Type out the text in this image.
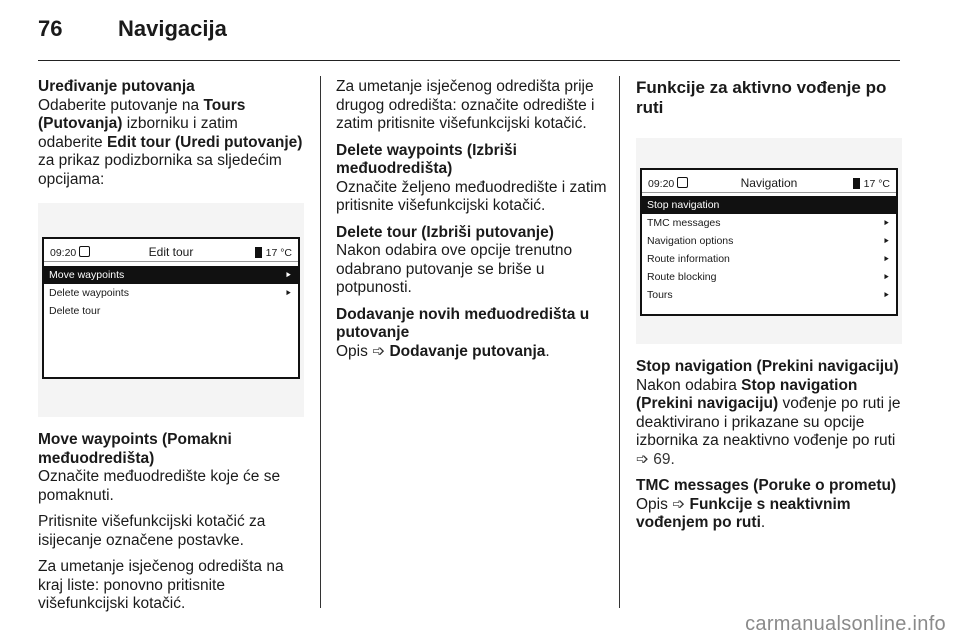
76	Navigacija
Uređivanje putovanja

Odaberite putovanje na Tours (Putovanja) izborniku i zatim odaberite Edit tour (Uredi putovanje) za prikaz podizbornika sa sljedećim opcijama:

09:20	Edit tour	17 °C
Move waypoints	⯈
Delete waypoints	⯈
Delete tour
Move waypoints (Pomakni međuodredišta)

Označite međuodredište koje će se pomaknuti.

Pritisnite višefunkcijski kotačić za isijecanje označene postavke.

Za umetanje isječenog odredišta na kraj liste: ponovno pritisnite višefunkcijski kotačić.

Za umetanje isječenog odredišta prije drugog odredišta: označite odredište i zatim pritisnite višefunkcijski kotačić.

Delete waypoints (Izbriši međuodredišta)

Označite željeno međuodredište i zatim pritisnite višefunkcijski kotačić.

Delete tour (Izbriši putovanje)

Nakon odabira ove opcije trenutno odabrano putovanje se briše u potpunosti.

Dodavanje novih međuodredišta u putovanje

Opis ➩ Dodavanje putovanja.

Funkcije za aktivno vođenje po ruti
09:20	Navigation	17 °C
Stop navigation
TMC messages	⯈
Navigation options	⯈
Route information	⯈
Route blocking	⯈
Tours	⯈
Stop navigation (Prekini navigaciju)

Nakon odabira Stop navigation (Prekini navigaciju) vođenje po ruti je deaktivirano i prikazane su opcije izbornika za neaktivno vođenje po ruti ➩ 69.

TMC messages (Poruke o prometu)

Opis ➩ Funkcije s neaktivnim vođenjem po ruti.

carmanualsonline.info
